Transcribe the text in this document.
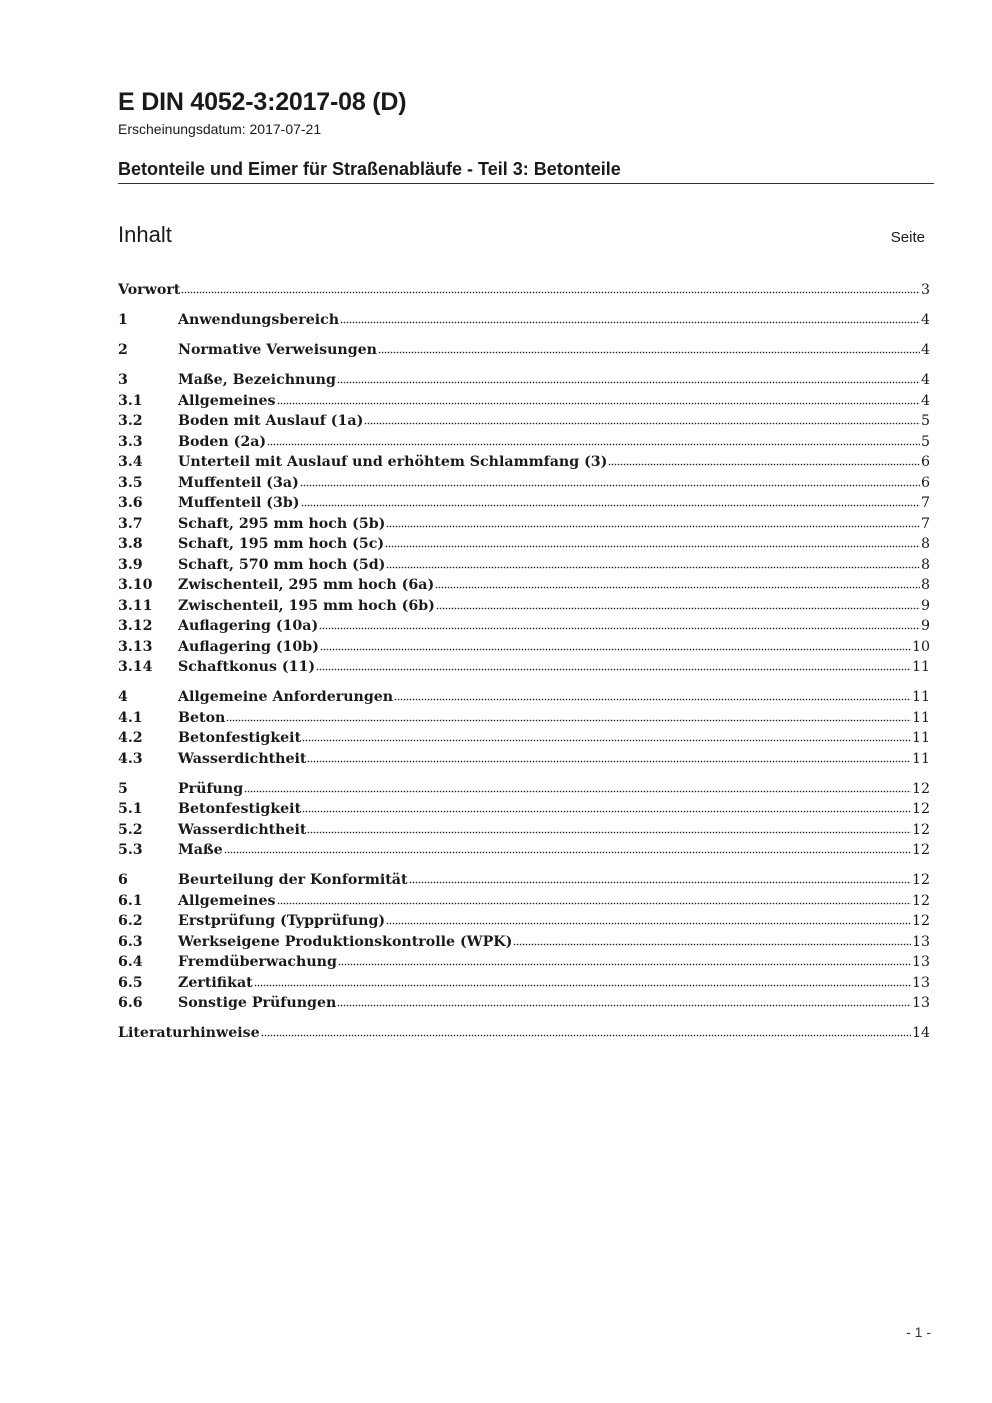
E DIN 4052-3:2017-08 (D)
Erscheinungsdatum: 2017-07-21
Betonteile und Eimer für Straßenabläufe - Teil 3: Betonteile
Inhalt	Seite
Vorwort	3
1	Anwendungsbereich	4
2	Normative Verweisungen	4
3	Maße, Bezeichnung	4
3.1	Allgemeines	4
3.2	Boden mit Auslauf (1a)	5
3.3	Boden (2a)	5
3.4	Unterteil mit Auslauf und erhöhtem Schlammfang (3)	6
3.5	Muffenteil (3a)	6
3.6	Muffenteil (3b)	7
3.7	Schaft, 295 mm hoch (5b)	7
3.8	Schaft, 195 mm hoch (5c)	8
3.9	Schaft, 570 mm hoch (5d)	8
3.10	Zwischenteil, 295 mm hoch (6a)	8
3.11	Zwischenteil, 195 mm hoch (6b)	9
3.12	Auflagering (10a)	9
3.13	Auflagering (10b)	10
3.14	Schaftkonus (11)	11
4	Allgemeine Anforderungen	11
4.1	Beton	11
4.2	Betonfestigkeit	11
4.3	Wasserdichtheit	11
5	Prüfung	12
5.1	Betonfestigkeit	12
5.2	Wasserdichtheit	12
5.3	Maße	12
6	Beurteilung der Konformität	12
6.1	Allgemeines	12
6.2	Erstprüfung (Typprüfung)	12
6.3	Werkseigene Produktionskontrolle (WPK)	13
6.4	Fremdüberwachung	13
6.5	Zertifikat	13
6.6	Sonstige Prüfungen	13
Literaturhinweise	14
- 1 -
